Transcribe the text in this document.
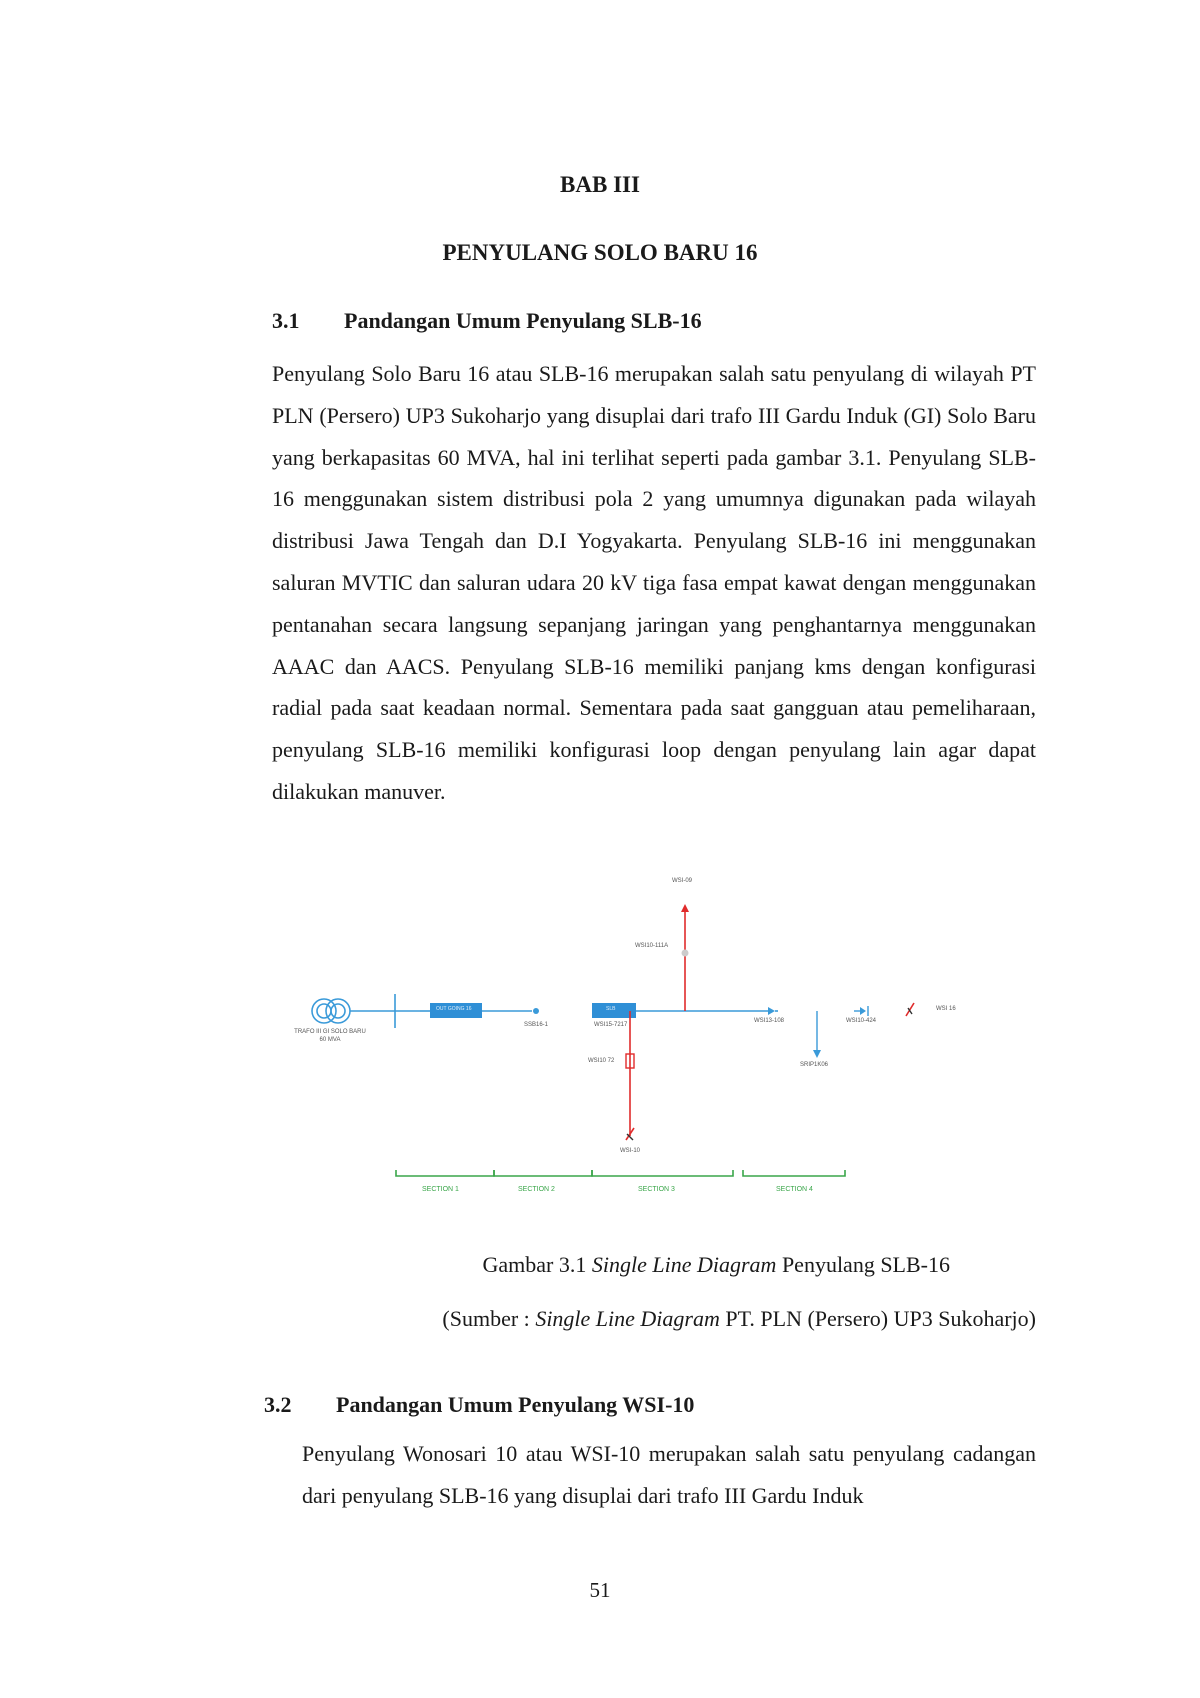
BAB III
PENYULANG SOLO BARU 16
3.1 Pandangan Umum Penyulang SLB-16

Penyulang Solo Baru 16 atau SLB-16 merupakan salah satu penyulang di wilayah PT PLN (Persero) UP3 Sukoharjo yang disuplai dari trafo III Gardu Induk (GI) Solo Baru yang berkapasitas 60 MVA, hal ini terlihat seperti pada gambar 3.1. Penyulang SLB-16 menggunakan sistem distribusi pola 2 yang umumnya digunakan pada wilayah distribusi Jawa Tengah dan D.I Yogyakarta. Penyulang SLB-16 ini menggunakan saluran MVTIC dan saluran udara 20 kV tiga fasa empat kawat dengan menggunakan pentanahan secara langsung sepanjang jaringan yang penghantarnya menggunakan AAAC dan AACS. Penyulang SLB-16 memiliki panjang kms dengan konfigurasi radial pada saat keadaan normal. Sementara pada saat gangguan atau pemeliharaan, penyulang SLB-16 memiliki konfigurasi loop dengan penyulang lain agar dapat dilakukan manuver.

WSI-09
WSI10-111A
TRAFO III GI SOLO BARU
60 MVA
OUT GOING 16	SLB
SSB16-1	WSI15-7217
WSI13-108	WSI10-424
WSI 16
SRIP1K06
WSI10 72
WSI-10
SECTION 1	SECTION 2	SECTION 3	SECTION 4
Gambar 3.1 Single Line Diagram Penyulang SLB-16
(Sumber : Single Line Diagram PT. PLN (Persero) UP3 Sukoharjo)
3.2 Pandangan Umum Penyulang WSI-10

Penyulang Wonosari 10 atau WSI-10 merupakan salah satu penyulang cadangan dari penyulang SLB-16 yang disuplai dari trafo III Gardu Induk

51
